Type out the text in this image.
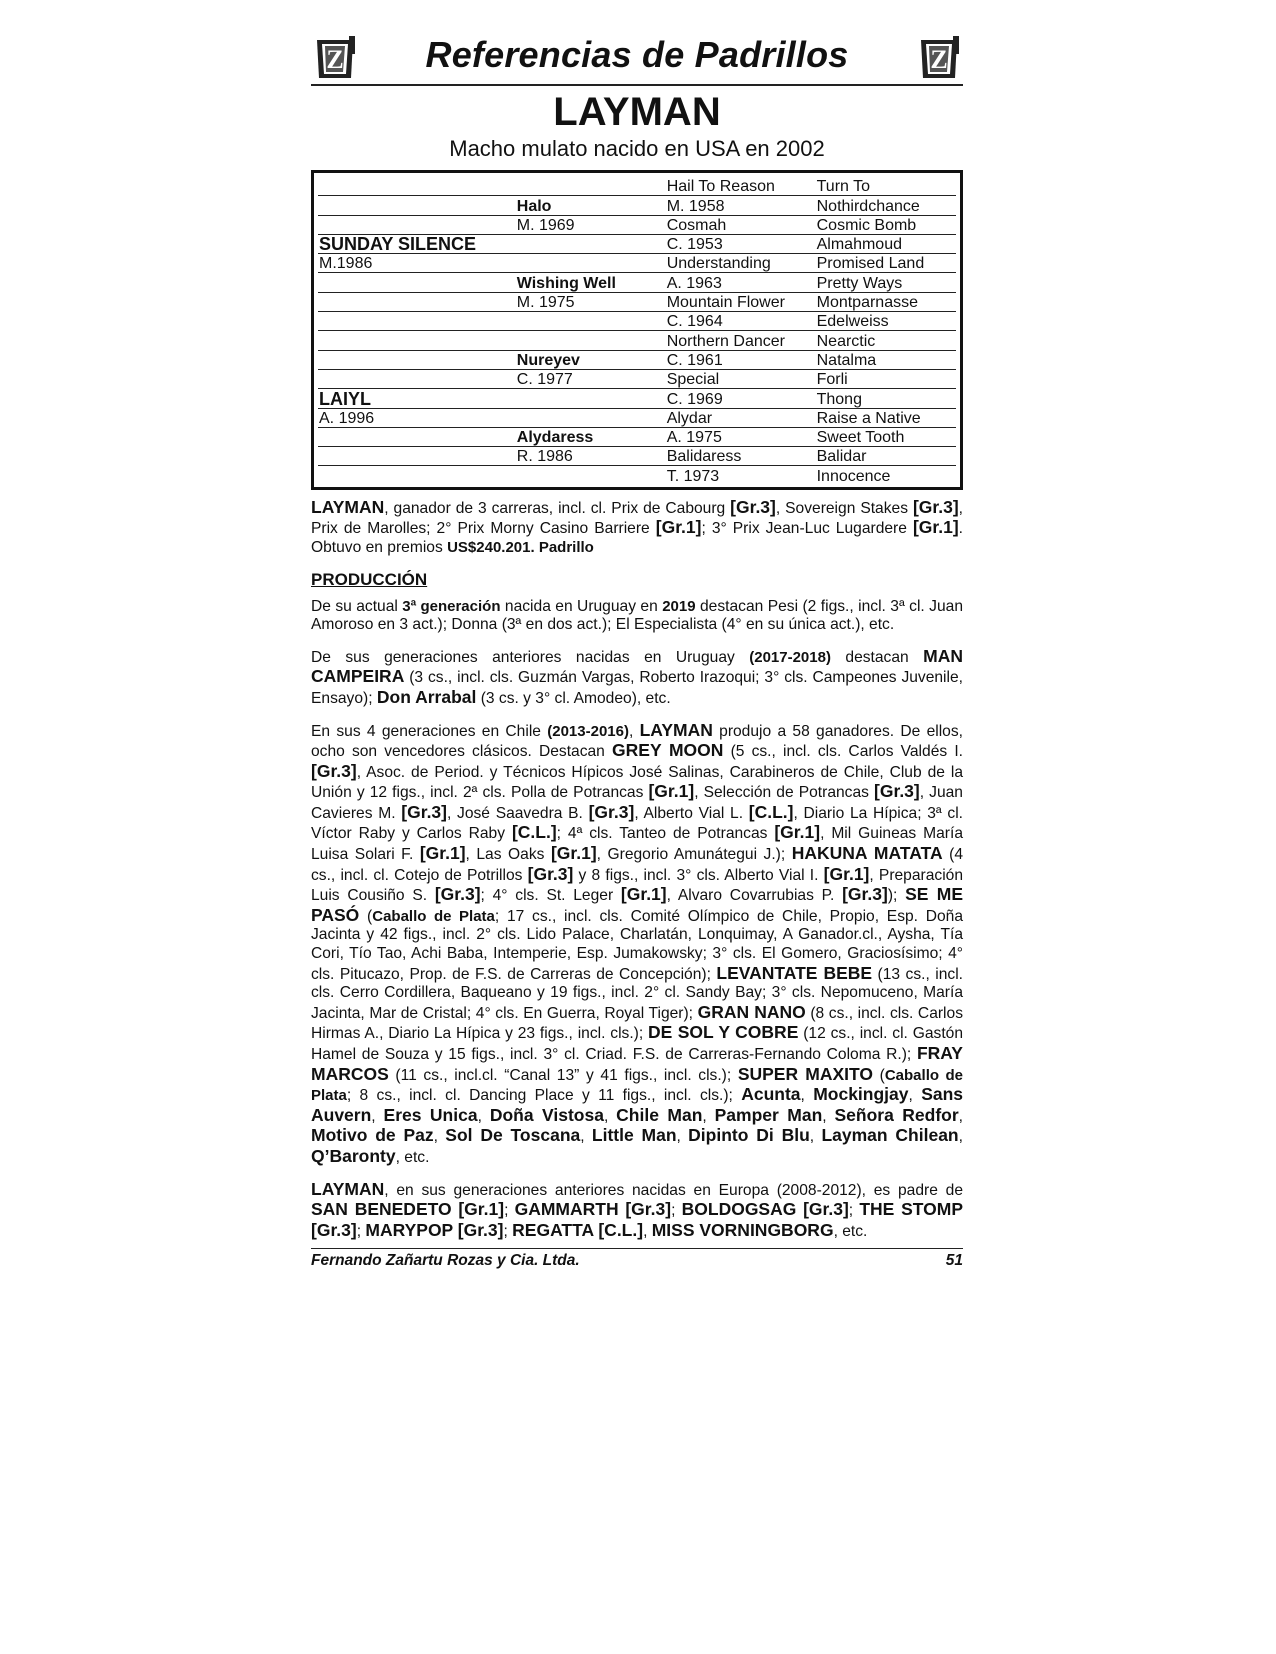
Z	Referencias de Padrillos	Z
LAYMAN
Macho mulato nacido en USA en 2002
		Hail To Reason	Turn To
	Halo	M. 1958	Nothirdchance
	M. 1969	Cosmah	Cosmic Bomb
SUNDAY SILENCE		C. 1953	Almahmoud
M.1986		Understanding	Promised Land
	Wishing Well	A. 1963	Pretty Ways
	M. 1975	Mountain Flower	Montparnasse
		C. 1964	Edelweiss
		Northern Dancer	Nearctic
	Nureyev	C. 1961	Natalma
	C. 1977	Special	Forli
LAIYL		C. 1969	Thong
A. 1996		Alydar	Raise a Native
	Alydaress	A. 1975	Sweet Tooth
	R. 1986	Balidaress	Balidar
		T. 1973	Innocence

LAYMAN, ganador de 3 carreras, incl. cl. Prix de Cabourg [Gr.3], Sovereign Stakes [Gr.3], Prix de Marolles; 2° Prix Morny Casino Barriere [Gr.1]; 3° Prix Jean-Luc Lugardere [Gr.1]. Obtuvo en premios US$240.201. Padrillo

PRODUCCIÓN

De su actual 3ª generación nacida en Uruguay en 2019 destacan Pesi (2 figs., incl. 3ª cl. Juan Amoroso en 3 act.); Donna (3ª en dos act.); El Especialista (4° en su única act.), etc.

De sus generaciones anteriores nacidas en Uruguay (2017-2018) destacan MAN CAMPEIRA (3 cs., incl. cls. Guzmán Vargas, Roberto Irazoqui; 3° cls. Campeones Juvenile, Ensayo); Don Arrabal (3 cs. y 3° cl. Amodeo), etc.

En sus 4 generaciones en Chile (2013-2016), LAYMAN produjo a 58 ganadores. De ellos, ocho son vencedores clásicos. Destacan GREY MOON (5 cs., incl. cls. Carlos Valdés I. [Gr.3], Asoc. de Period. y Técnicos Hípicos José Salinas, Carabineros de Chile, Club de la Unión y 12 figs., incl. 2ª cls. Polla de Potrancas [Gr.1], Selección de Potrancas [Gr.3], Juan Cavieres M. [Gr.3], José Saavedra B. [Gr.3], Alberto Vial L. [C.L.], Diario La Hípica; 3ª cl. Víctor Raby y Carlos Raby [C.L.]; 4ª cls. Tanteo de Potrancas [Gr.1], Mil Guineas María Luisa Solari F. [Gr.1], Las Oaks [Gr.1], Gregorio Amunátegui J.); HAKUNA MATATA (4 cs., incl. cl. Cotejo de Potrillos [Gr.3] y 8 figs., incl. 3° cls. Alberto Vial I. [Gr.1], Preparación Luis Cousiño S. [Gr.3]; 4° cls. St. Leger [Gr.1], Alvaro Covarrubias P. [Gr.3]); SE ME PASÓ (Caballo de Plata; 17 cs., incl. cls. Comité Olímpico de Chile, Propio, Esp. Doña Jacinta y 42 figs., incl. 2° cls. Lido Palace, Charlatán, Lonquimay, A Ganador.cl., Aysha, Tía Cori, Tío Tao, Achi Baba, Intemperie, Esp. Jumakowsky; 3° cls. El Gomero, Graciosísimo; 4° cls. Pitucazo, Prop. de F.S. de Carreras de Concepción); LEVANTATE BEBE (13 cs., incl. cls. Cerro Cordillera, Baqueano y 19 figs., incl. 2° cl. Sandy Bay; 3° cls. Nepomuceno, María Jacinta, Mar de Cristal; 4° cls. En Guerra, Royal Tiger); GRAN NANO (8 cs., incl. cls. Carlos Hirmas A., Diario La Hípica y 23 figs., incl. cls.); DE SOL Y COBRE (12 cs., incl. cl. Gastón Hamel de Souza y 15 figs., incl. 3° cl. Criad. F.S. de Carreras-Fernando Coloma R.); FRAY MARCOS (11 cs., incl.cl. “Canal 13” y 41 figs., incl. cls.); SUPER MAXITO (Caballo de Plata; 8 cs., incl. cl. Dancing Place y 11 figs., incl. cls.); Acunta, Mockingjay, Sans Auvern, Eres Unica, Doña Vistosa, Chile Man, Pamper Man, Señora Redfor, Motivo de Paz, Sol De Toscana, Little Man, Dipinto Di Blu, Layman Chilean, Q’Baronty, etc.

LAYMAN, en sus generaciones anteriores nacidas en Europa (2008-2012), es padre de SAN BENEDETO [Gr.1]; GAMMARTH [Gr.3]; BOLDOGSAG [Gr.3]; THE STOMP [Gr.3]; MARYPOP [Gr.3]; REGATTA [C.L.], MISS VORNINGBORG, etc.

Fernando Zañartu Rozas y Cia. Ltda.	51
